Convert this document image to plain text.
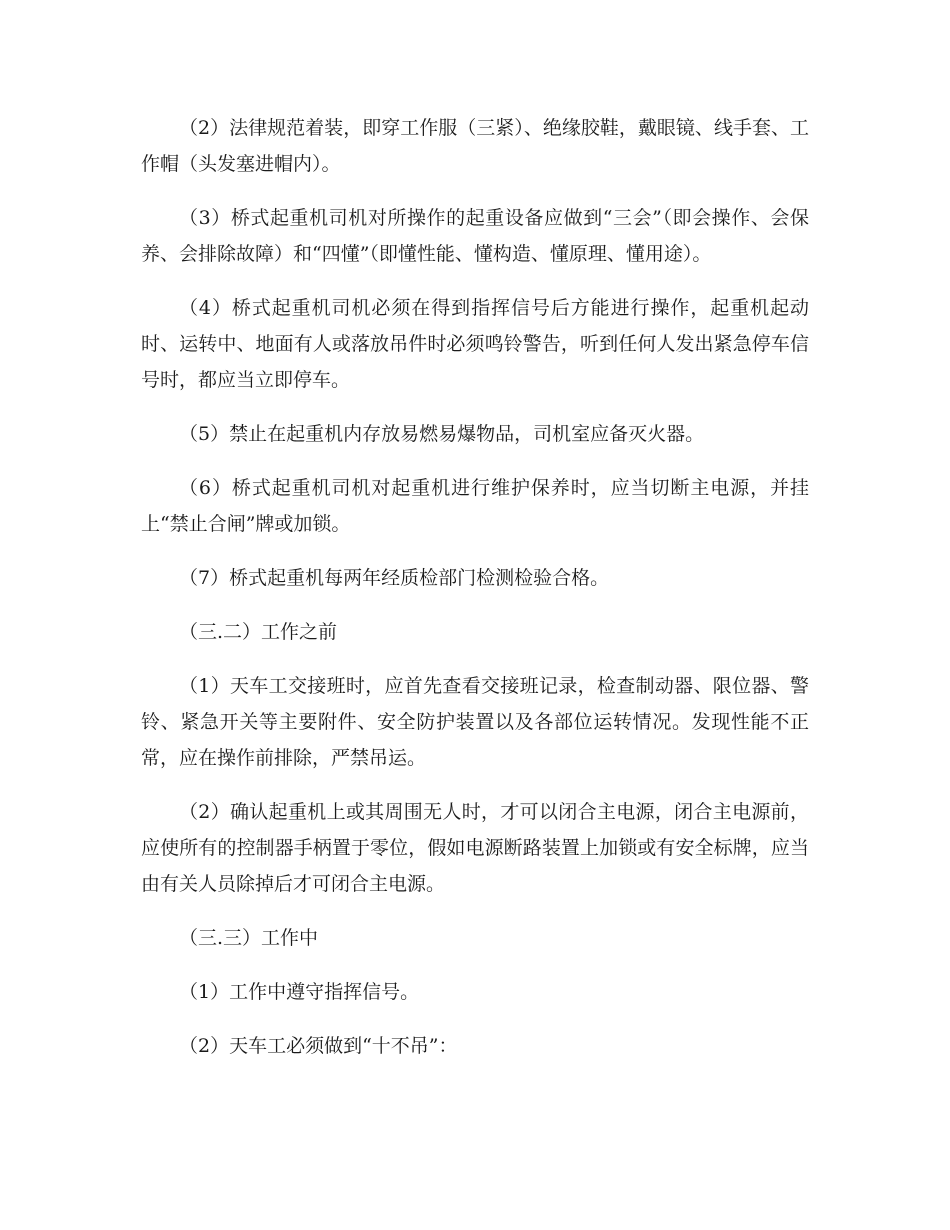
（2）法律规范着装，即穿工作服（三紧）、绝缘胶鞋，戴眼镜、线手套、工作帽（头发塞进帽内）。

（3）桥式起重机司机对所操作的起重设备应做到“三会”（即会操作、会保养、会排除故障）和“四懂”（即懂性能、懂构造、懂原理、懂用途）。

（4）桥式起重机司机必须在得到指挥信号后方能进行操作，起重机起动时、运转中、地面有人或落放吊件时必须鸣铃警告，听到任何人发出紧急停车信号时，都应当立即停车。

（5）禁止在起重机内存放易燃易爆物品，司机室应备灭火器。

（6）桥式起重机司机对起重机进行维护保养时，应当切断主电源，并挂上“禁止合闸”牌或加锁。

（7）桥式起重机每两年经质检部门检测检验合格。

（三.二）工作之前

（1）天车工交接班时，应首先查看交接班记录，检查制动器、限位器、警铃、紧急开关等主要附件、安全防护装置以及各部位运转情况。发现性能不正常，应在操作前排除，严禁吊运。

（2）确认起重机上或其周围无人时，才可以闭合主电源，闭合主电源前，应使所有的控制器手柄置于零位，假如电源断路装置上加锁或有安全标牌，应当由有关人员除掉后才可闭合主电源。

（三.三）工作中

（1）工作中遵守指挥信号。

（2）天车工必须做到“十不吊”：
